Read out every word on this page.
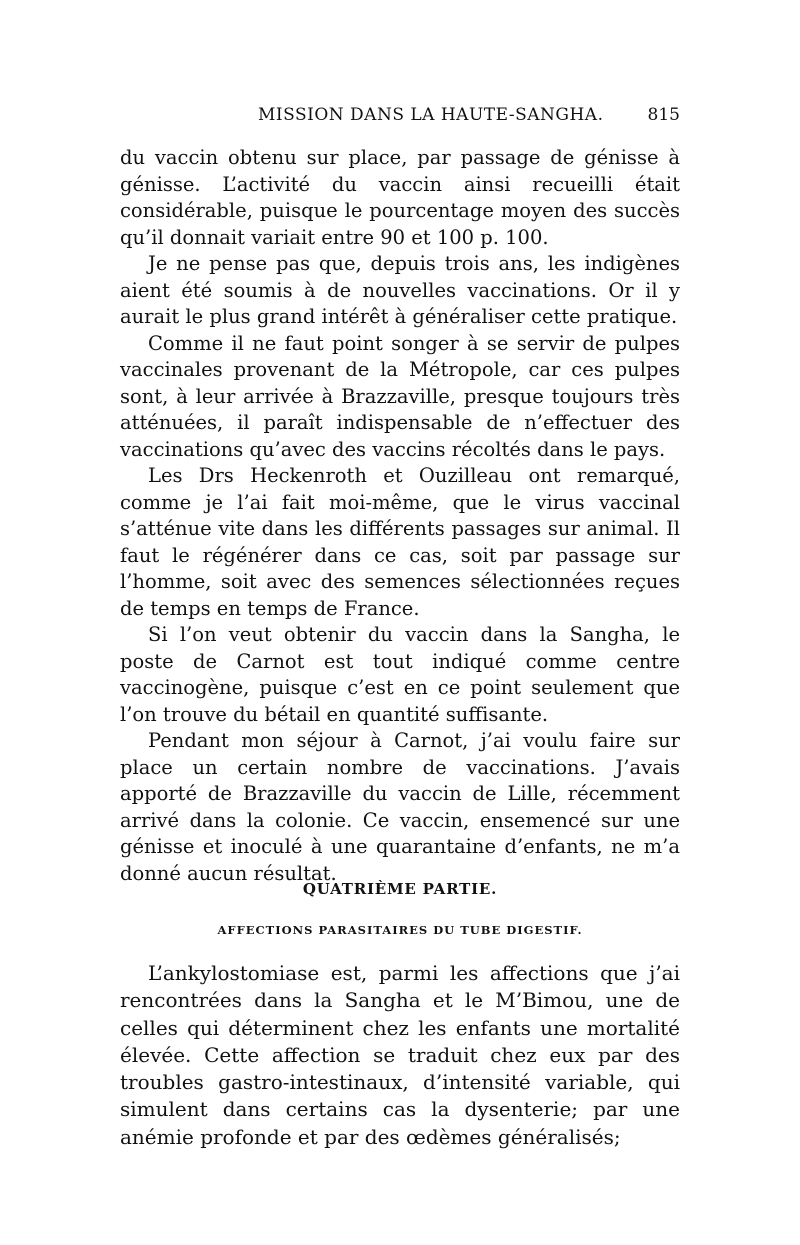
MISSION DANS LA HAUTE-SANGHA.	815

du vaccin obtenu sur place, par passage de génisse à génisse. L’activité du vaccin ainsi recueilli était considérable, puisque le pourcentage moyen des succès qu’il donnait variait entre 90 et 100 p. 100.

Je ne pense pas que, depuis trois ans, les indigènes aient été soumis à de nouvelles vaccinations. Or il y aurait le plus grand intérêt à généraliser cette pratique.

Comme il ne faut point songer à se servir de pulpes vaccinales provenant de la Métropole, car ces pulpes sont, à leur arrivée à Brazzaville, presque toujours très atténuées, il paraît indispensable de n’effectuer des vaccinations qu’avec des vaccins récoltés dans le pays.

Les Drs Heckenroth et Ouzilleau ont remarqué, comme je l’ai fait moi-même, que le virus vaccinal s’atténue vite dans les différents passages sur animal. Il faut le régénérer dans ce cas, soit par passage sur l’homme, soit avec des semences sélectionnées reçues de temps en temps de France.

Si l’on veut obtenir du vaccin dans la Sangha, le poste de Carnot est tout indiqué comme centre vaccinogène, puisque c’est en ce point seulement que l’on trouve du bétail en quantité suffisante.

Pendant mon séjour à Carnot, j’ai voulu faire sur place un certain nombre de vaccinations. J’avais apporté de Brazzaville du vaccin de Lille, récemment arrivé dans la colonie. Ce vaccin, ensemencé sur une génisse et inoculé à une quarantaine d’enfants, ne m’a donné aucun résultat.

QUATRIÈME PARTIE.
AFFECTIONS PARASITAIRES DU TUBE DIGESTIF.

L’ankylostomiase est, parmi les affections que j’ai rencontrées dans la Sangha et le M’Bimou, une de celles qui déterminent chez les enfants une mortalité élevée. Cette affection se traduit chez eux par des troubles gastro-intestinaux, d’intensité variable, qui simulent dans certains cas la dysenterie; par une anémie profonde et par des œdèmes généralisés;
